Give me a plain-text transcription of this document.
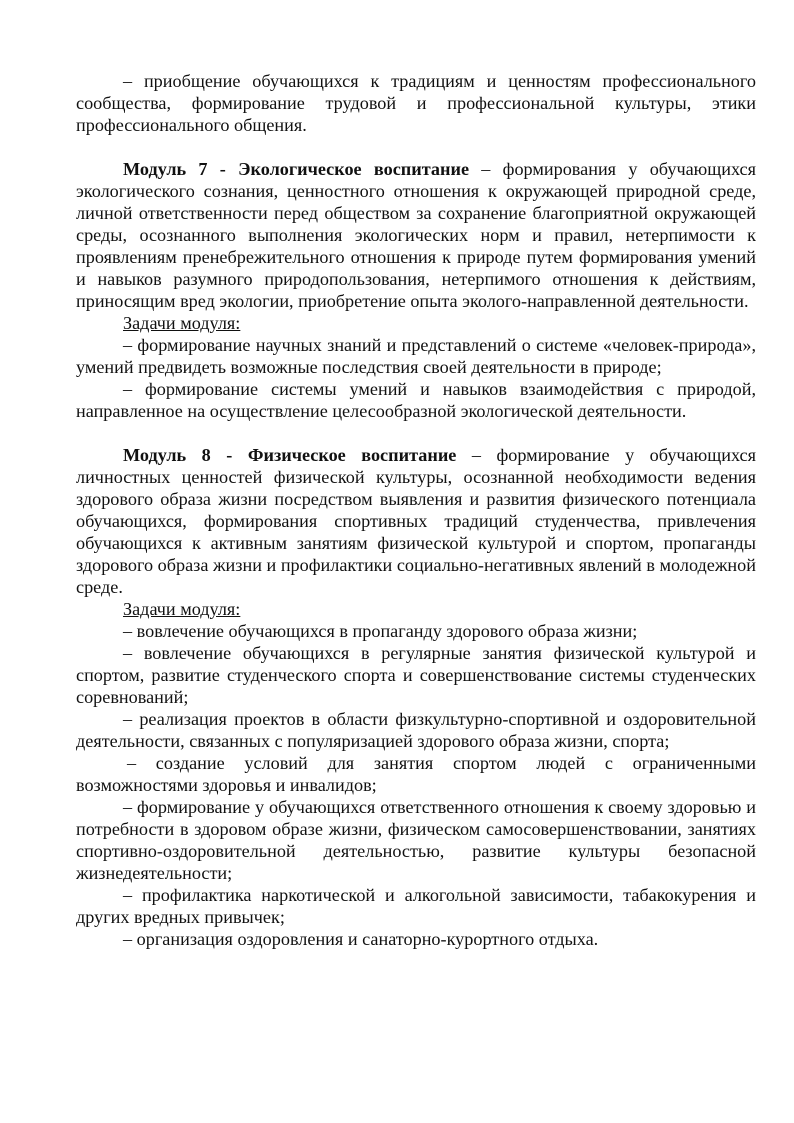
– приобщение обучающихся к традициям и ценностям профессионального сообщества, формирование трудовой и профессиональной культуры, этики профессионального общения.

Модуль 7 - Экологическое воспитание – формирования у обучающихся экологического сознания, ценностного отношения к окружающей природной среде, личной ответственности перед обществом за сохранение благоприятной окружающей среды, осознанного выполнения экологических норм и правил, нетерпимости к проявлениям пренебрежительного отношения к природе путем формирования умений и навыков разумного природопользования, нетерпимого отношения к действиям, приносящим вред экологии, приобретение опыта эколого-направленной деятельности.

Задачи модуля:

– формирование научных знаний и представлений о системе «человек-природа», умений предвидеть возможные последствия своей деятельности в природе;

– формирование системы умений и навыков взаимодействия с природой, направленное на осуществление целесообразной экологической деятельности.

Модуль 8 - Физическое воспитание – формирование у обучающихся личностных ценностей физической культуры, осознанной необходимости ведения здорового образа жизни посредством выявления и развития физического потенциала обучающихся, формирования спортивных традиций студенчества, привлечения обучающихся к активным занятиям физической культурой и спортом, пропаганды здорового образа жизни и профилактики социально-негативных явлений в молодежной среде.

Задачи модуля:

– вовлечение обучающихся в пропаганду здорового образа жизни;

– вовлечение обучающихся в регулярные занятия физической культурой и спортом, развитие студенческого спорта и совершенствование системы студенческих соревнований;

– реализация проектов в области физкультурно-спортивной и оздоровительной деятельности, связанных с популяризацией здорового образа жизни, спорта;

– создание условий для занятия спортом людей с ограниченными возможностями здоровья и инвалидов;

– формирование у обучающихся ответственного отношения к своему здоровью и потребности в здоровом образе жизни, физическом самосовершенствовании, занятиях спортивно-оздоровительной деятельностью, развитие культуры безопасной жизнедеятельности;

– профилактика наркотической и алкогольной зависимости, табакокурения и других вредных привычек;

– организация оздоровления и санаторно-курортного отдыха.
